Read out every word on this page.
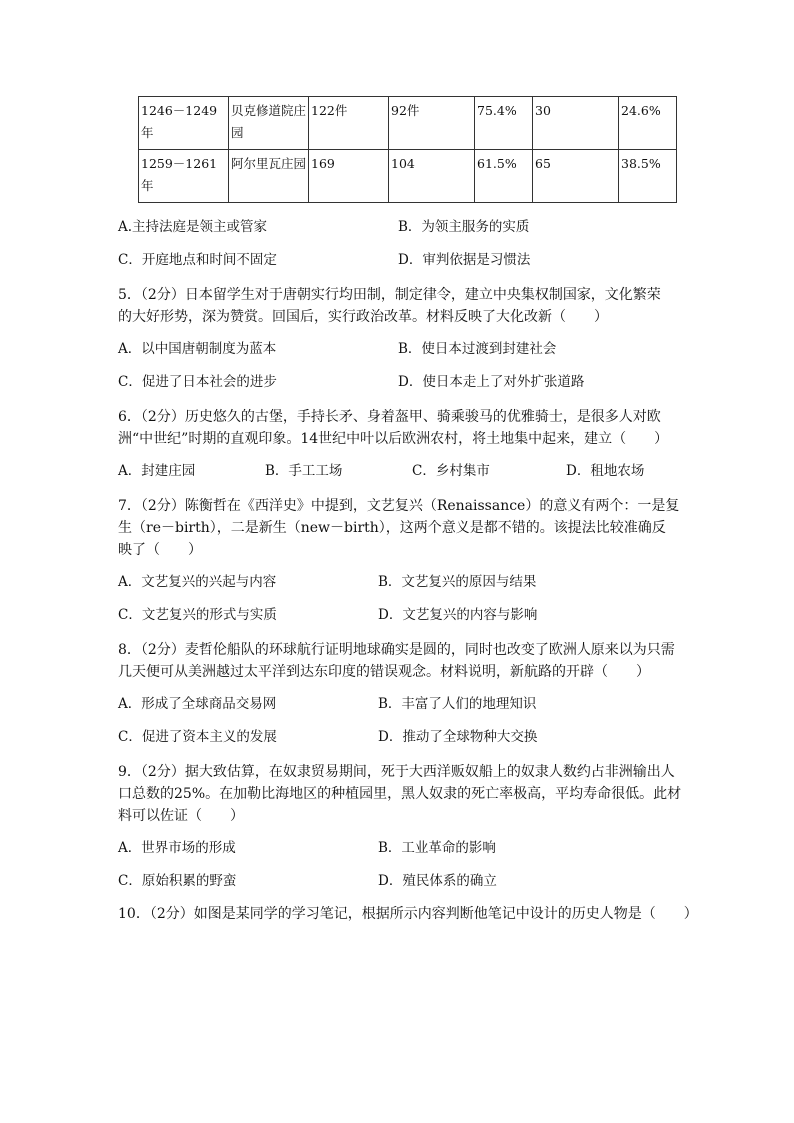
1246－1249年	贝克修道院庄园	122件	92件	75.4%	30	24.6%
1259－1261年	阿尔里瓦庄园	169	104	61.5%	65	38.5%
A.主持法庭是领主或管家	B．为领主服务的实质
C．开庭地点和时间不固定	D．审判依据是习惯法
5．（2分）日本留学生对于唐朝实行均田制，制定律令，建立中央集权制国家，文化繁荣
的大好形势，深为赞赏。回国后，实行政治改革。材料反映了大化改新（　　）
A．以中国唐朝制度为蓝本	B．使日本过渡到封建社会
C．促进了日本社会的进步	D．使日本走上了对外扩张道路
6．（2分）历史悠久的古堡，手持长矛、身着盔甲、骑乘骏马的优雅骑士，是很多人对欧
洲“中世纪”时期的直观印象。14世纪中叶以后欧洲农村，将土地集中起来，建立（　　）
A．封建庄园	B．手工工场	C．乡村集市	D．租地农场
7．（2分）陈衡哲在《西洋史》中提到，文艺复兴（Renaissance）的意义有两个：一是复
生（re－birth），二是新生（new－birth），这两个意义是都不错的。该提法比较准确反
映了（　　）
A．文艺复兴的兴起与内容	B．文艺复兴的原因与结果
C．文艺复兴的形式与实质	D．文艺复兴的内容与影响
8．（2分）麦哲伦船队的环球航行证明地球确实是圆的，同时也改变了欧洲人原来以为只需
几天便可从美洲越过太平洋到达东印度的错误观念。材料说明，新航路的开辟（　　）
A．形成了全球商品交易网	B．丰富了人们的地理知识
C．促进了资本主义的发展	D．推动了全球物种大交换
9．（2分）据大致估算，在奴隶贸易期间，死于大西洋贩奴船上的奴隶人数约占非洲输出人
口总数的25%。在加勒比海地区的种植园里，黑人奴隶的死亡率极高，平均寿命很低。此材
料可以佐证（　　）
A．世界市场的形成	B．工业革命的影响
C．原始积累的野蛮	D．殖民体系的确立
10．（2分）如图是某同学的学习笔记，根据所示内容判断他笔记中设计的历史人物是（　　）
